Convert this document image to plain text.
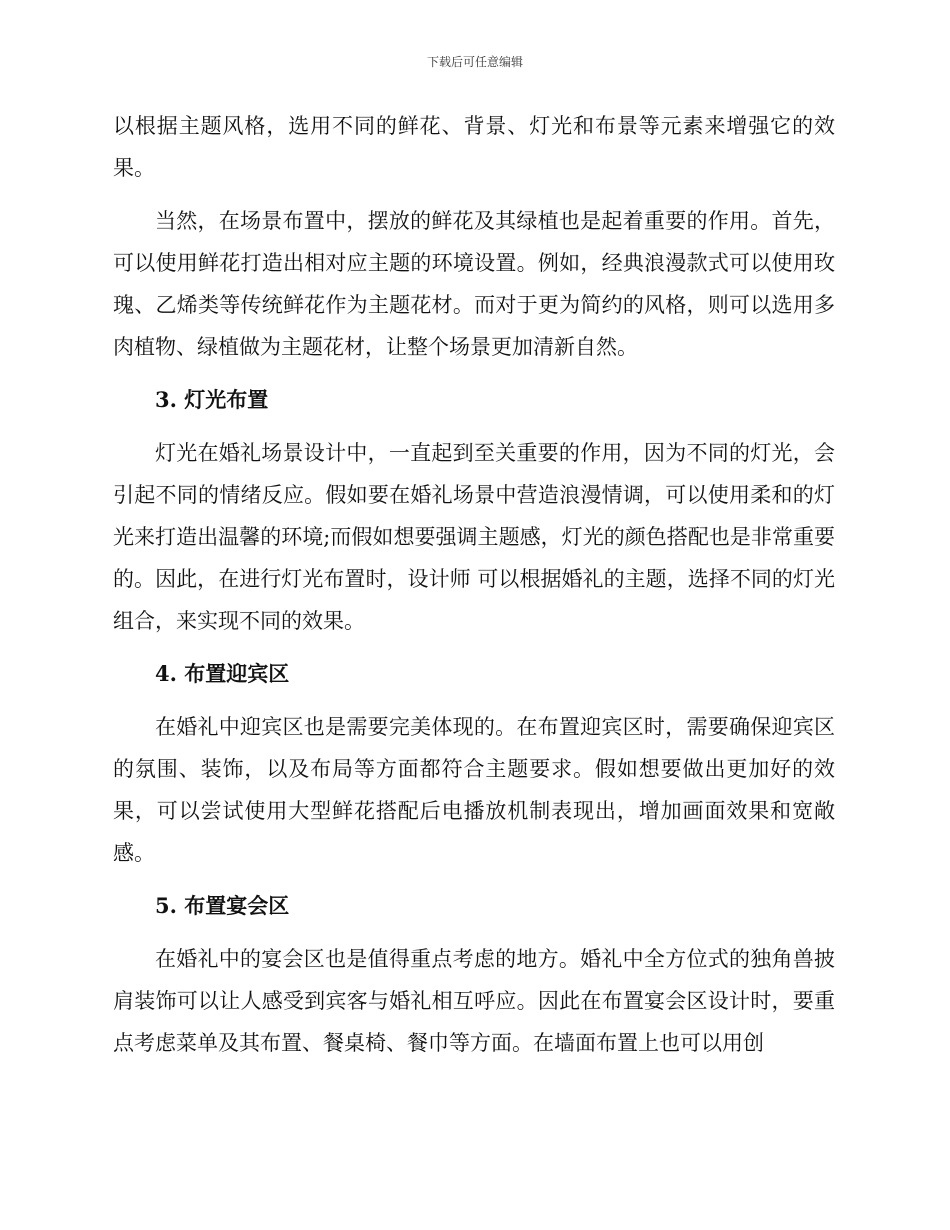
下载后可任意编辑

以根据主题风格，选用不同的鲜花、背景、灯光和布景等元素来增强它的效果。

当然，在场景布置中，摆放的鲜花及其绿植也是起着重要的作用。首先，可以使用鲜花打造出相对应主题的环境设置。例如，经典浪漫款式可以使用玫瑰、乙烯类等传统鲜花作为主题花材。而对于更为简约的风格，则可以选用多肉植物、绿植做为主题花材，让整个场景更加清新自然。

3. 灯光布置

灯光在婚礼场景设计中，一直起到至关重要的作用，因为不同的灯光，会引起不同的情绪反应。假如要在婚礼场景中营造浪漫情调，可以使用柔和的灯光来打造出温馨的环境;而假如想要强调主题感，灯光的颜色搭配也是非常重要的。因此，在进行灯光布置时，设计师 可以根据婚礼的主题，选择不同的灯光组合，来实现不同的效果。

4. 布置迎宾区

在婚礼中迎宾区也是需要完美体现的。在布置迎宾区时，需要确保迎宾区的氛围、装饰，以及布局等方面都符合主题要求。假如想要做出更加好的效果，可以尝试使用大型鲜花搭配后电播放机制表现出，增加画面效果和宽敞感。

5. 布置宴会区

在婚礼中的宴会区也是值得重点考虑的地方。婚礼中全方位式的独角兽披肩装饰可以让人感受到宾客与婚礼相互呼应。因此在布置宴会区设计时，要重点考虑菜单及其布置、餐桌椅、餐巾等方面。在墙面布置上也可以用创
